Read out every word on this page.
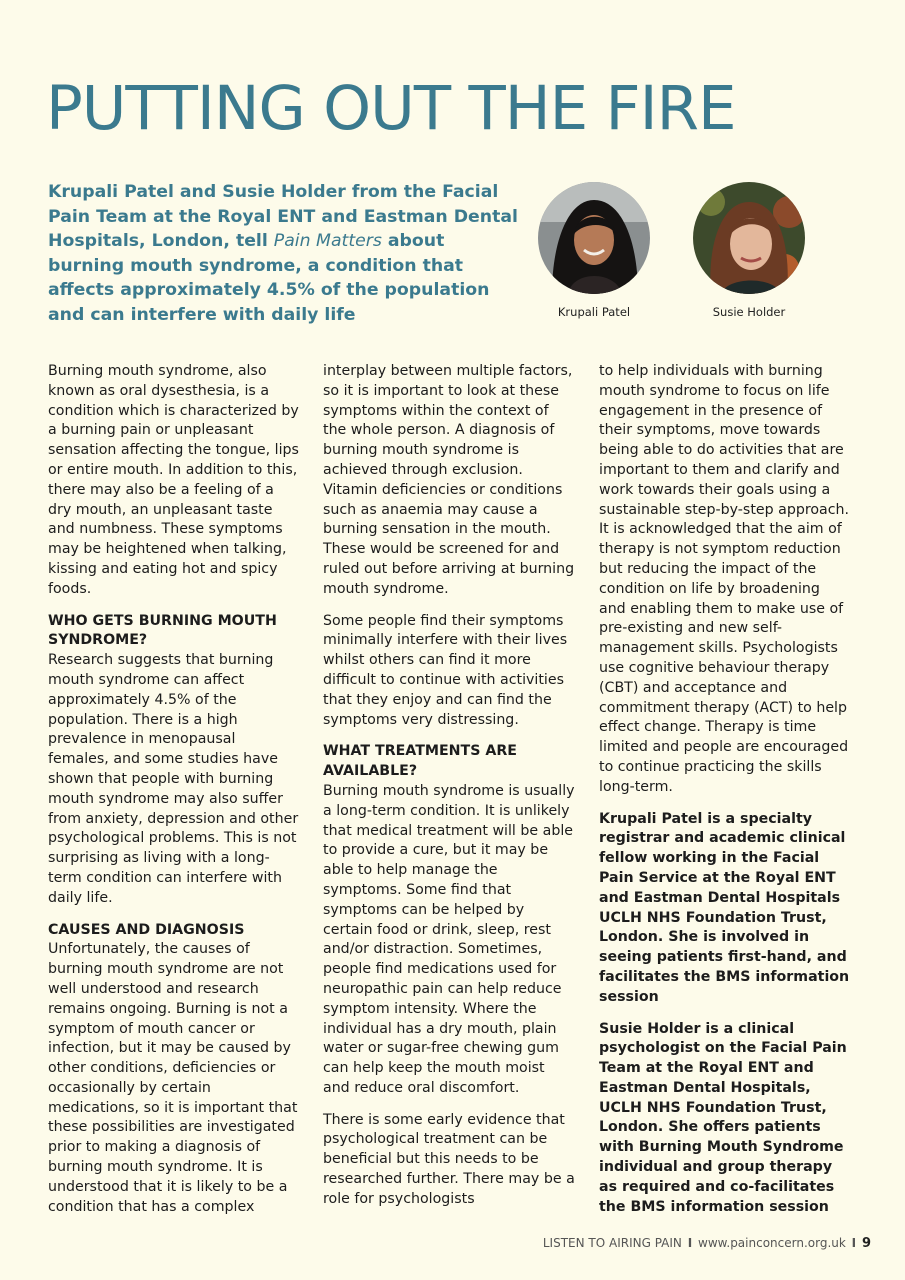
PUTTING OUT THE FIRE

Krupali Patel and Susie Holder from the Facial Pain Team at the Royal ENT and Eastman Dental Hospitals, London, tell Pain Matters about burning mouth syndrome, a condition that affects approximately 4.5% of the population and can interfere with daily life	Krupali Patel	Susie Holder

Burning mouth syndrome, also known as oral dysesthesia, is a condition which is characterized by a burning pain or unpleasant sensation affecting the tongue, lips or entire mouth. In addition to this, there may also be a feeling of a dry mouth, an unpleasant taste and numbness. These symptoms may be heightened when talking, kissing and eating hot and spicy foods.

WHO GETS BURNING MOUTH SYNDROME?

Research suggests that burning mouth syndrome can affect approximately 4.5% of the population. There is a high prevalence in menopausal females, and some studies have shown that people with burning mouth syndrome may also suffer from anxiety, depression and other psychological problems. This is not surprising as living with a long-term condition can interfere with daily life.

CAUSES AND DIAGNOSIS

Unfortunately, the causes of burning mouth syndrome are not well understood and research remains ongoing. Burning is not a symptom of mouth cancer or infection, but it may be caused by other conditions, deficiencies or occasionally by certain medications, so it is important that these possibilities are investigated prior to making a diagnosis of burning mouth syndrome. It is understood that it is likely to be a condition that has a complex

interplay between multiple factors, so it is important to look at these symptoms within the context of the whole person. A diagnosis of burning mouth syndrome is achieved through exclusion. Vitamin deficiencies or conditions such as anaemia may cause a burning sensation in the mouth. These would be screened for and ruled out before arriving at burning mouth syndrome.

Some people find their symptoms minimally interfere with their lives whilst others can find it more difficult to continue with activities that they enjoy and can find the symptoms very distressing.

WHAT TREATMENTS ARE AVAILABLE?

Burning mouth syndrome is usually a long-term condition. It is unlikely that medical treatment will be able to provide a cure, but it may be able to help manage the symptoms. Some find that symptoms can be helped by certain food or drink, sleep, rest and/or distraction. Sometimes, people find medications used for neuropathic pain can help reduce symptom intensity. Where the individual has a dry mouth, plain water or sugar-free chewing gum can help keep the mouth moist and reduce oral discomfort.

There is some early evidence that psychological treatment can be beneficial but this needs to be researched further. There may be a role for psychologists

to help individuals with burning mouth syndrome to focus on life engagement in the presence of their symptoms, move towards being able to do activities that are important to them and clarify and work towards their goals using a sustainable step-by-step approach. It is acknowledged that the aim of therapy is not symptom reduction but reducing the impact of the condition on life by broadening and enabling them to make use of pre-existing and new self-management skills. Psychologists use cognitive behaviour therapy (CBT) and acceptance and commitment therapy (ACT) to help effect change. Therapy is time limited and people are encouraged to continue practicing the skills long-term.

Krupali Patel is a specialty registrar and academic clinical fellow working in the Facial Pain Service at the Royal ENT and Eastman Dental Hospitals UCLH NHS Foundation Trust, London. She is involved in seeing patients first-hand, and facilitates the BMS information session

Susie Holder is a clinical psychologist on the Facial Pain Team at the Royal ENT and Eastman Dental Hospitals, UCLH NHS Foundation Trust, London. She offers patients with Burning Mouth Syndrome individual and group therapy as required and co-facilitates the BMS information session

LISTEN TO AIRING PAIN I www.painconcern.org.uk I 9
